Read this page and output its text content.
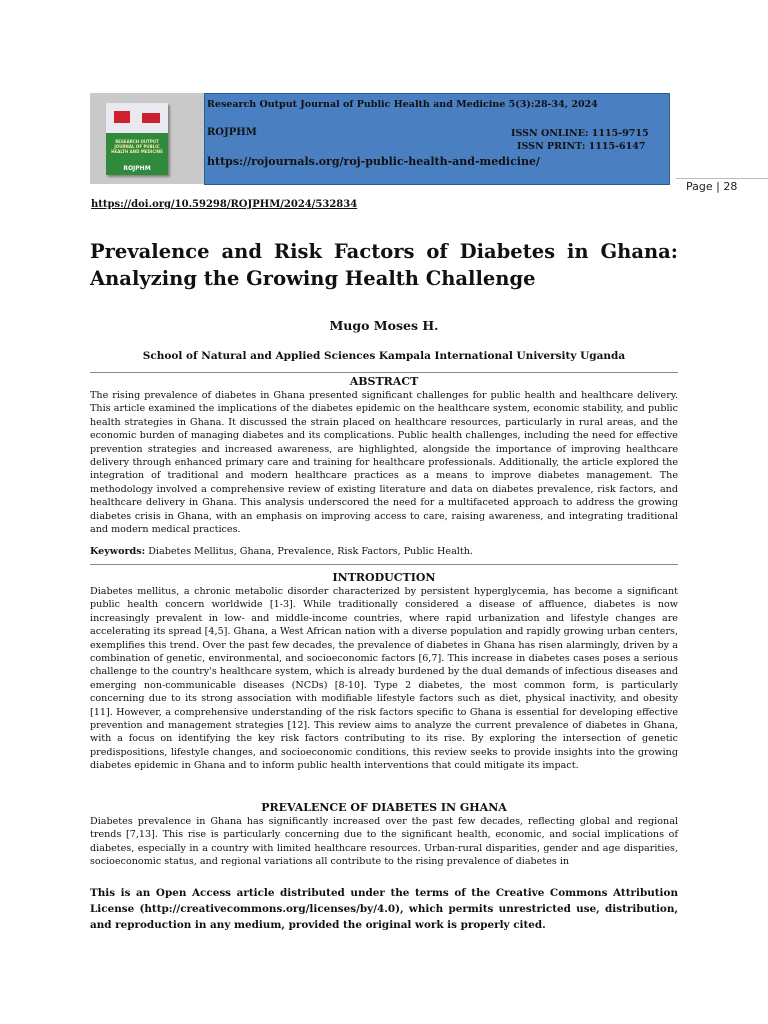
RESEARCH OUTPUT JOURNAL OF PUBLIC HEALTH AND MEDICINE
ROJPHM
Research Output Journal of Public Health and Medicine 5(3):28-34, 2024
ROJPHM	ISSN ONLINE: 1115-9715
ISSN PRINT: 1115-6147
https://rojournals.org/roj-public-health-and-medicine/
Page | 28
https://doi.org/10.59298/ROJPHM/2024/532834
Prevalence and Risk Factors of Diabetes in Ghana: Analyzing the Growing Health Challenge
Mugo Moses H.
School of Natural and Applied Sciences Kampala International University Uganda
ABSTRACT
The rising prevalence of diabetes in Ghana presented significant challenges for public health and healthcare delivery. This article examined the implications of the diabetes epidemic on the healthcare system, economic stability, and public health strategies in Ghana. It discussed the strain placed on healthcare resources, particularly in rural areas, and the economic burden of managing diabetes and its complications. Public health challenges, including the need for effective prevention strategies and increased awareness, are highlighted, alongside the importance of improving healthcare delivery through enhanced primary care and training for healthcare professionals. Additionally, the article explored the integration of traditional and modern healthcare practices as a means to improve diabetes management. The methodology involved a comprehensive review of existing literature and data on diabetes prevalence, risk factors, and healthcare delivery in Ghana. This analysis underscored the need for a multifaceted approach to address the growing diabetes crisis in Ghana, with an emphasis on improving access to care, raising awareness, and integrating traditional and modern medical practices.
Keywords: Diabetes Mellitus, Ghana, Prevalence, Risk Factors, Public Health.
INTRODUCTION
Diabetes mellitus, a chronic metabolic disorder characterized by persistent hyperglycemia, has become a significant public health concern worldwide [1-3]. While traditionally considered a disease of affluence, diabetes is now increasingly prevalent in low- and middle-income countries, where rapid urbanization and lifestyle changes are accelerating its spread [4,5]. Ghana, a West African nation with a diverse population and rapidly growing urban centers, exemplifies this trend. Over the past few decades, the prevalence of diabetes in Ghana has risen alarmingly, driven by a combination of genetic, environmental, and socioeconomic factors [6,7]. This increase in diabetes cases poses a serious challenge to the country's healthcare system, which is already burdened by the dual demands of infectious diseases and emerging non-communicable diseases (NCDs) [8-10]. Type 2 diabetes, the most common form, is particularly concerning due to its strong association with modifiable lifestyle factors such as diet, physical inactivity, and obesity [11]. However, a comprehensive understanding of the risk factors specific to Ghana is essential for developing effective prevention and management strategies [12]. This review aims to analyze the current prevalence of diabetes in Ghana, with a focus on identifying the key risk factors contributing to its rise. By exploring the intersection of genetic predispositions, lifestyle changes, and socioeconomic conditions, this review seeks to provide insights into the growing diabetes epidemic in Ghana and to inform public health interventions that could mitigate its impact.
PREVALENCE OF DIABETES IN GHANA
Diabetes prevalence in Ghana has significantly increased over the past few decades, reflecting global and regional trends [7,13]. This rise is particularly concerning due to the significant health, economic, and social implications of diabetes, especially in a country with limited healthcare resources. Urban-rural disparities, gender and age disparities, socioeconomic status, and regional variations all contribute to the rising prevalence of diabetes in
This is an Open Access article distributed under the terms of the Creative Commons Attribution License (http://creativecommons.org/licenses/by/4.0), which permits unrestricted use, distribution, and reproduction in any medium, provided the original work is properly cited.
